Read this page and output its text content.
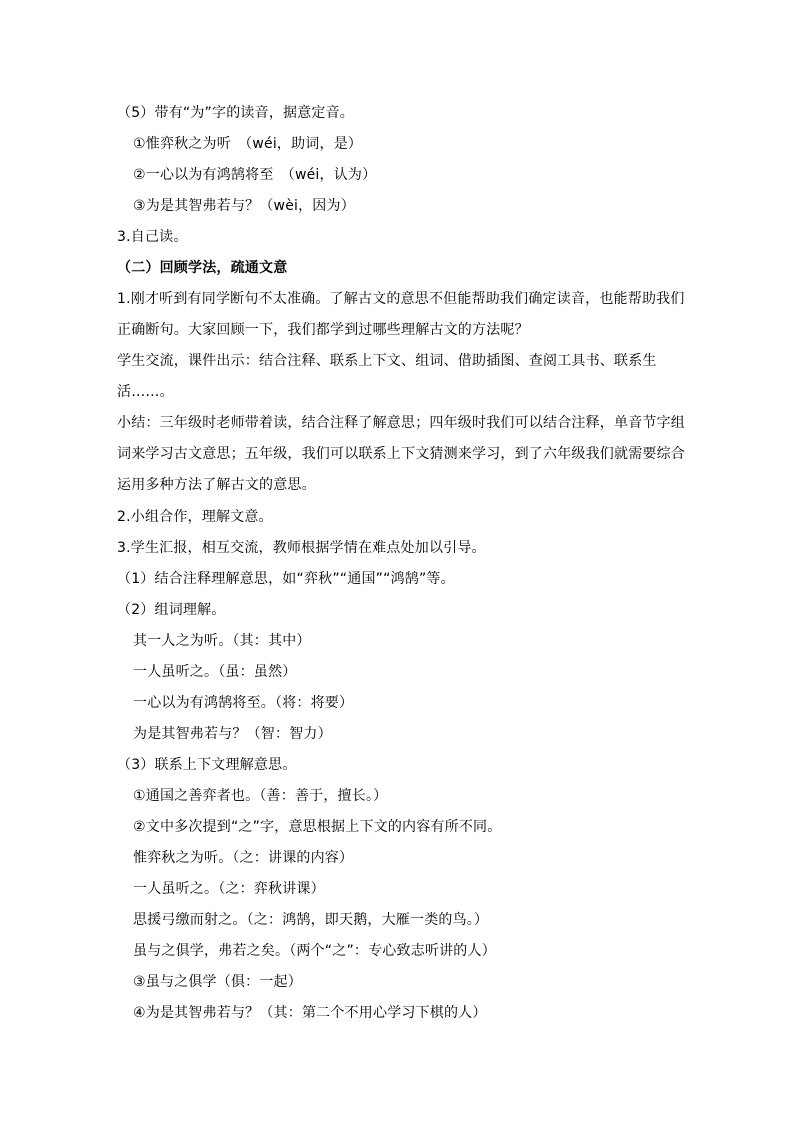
（5）带有“为”字的读音，据意定音。
①惟弈秋之为听　（wéi，助词，是）
②一心以为有鸿鹄将至　（wéi，认为）
③为是其智弗若与？（wèi，因为）
3.自己读。
（二）回顾学法，疏通文意
1.刚才听到有同学断句不太准确。了解古文的意思不但能帮助我们确定读音，也能帮助我们
正确断句。大家回顾一下，我们都学到过哪些理解古文的方法呢？
学生交流，课件出示：结合注释、联系上下文、组词、借助插图、查阅工具书、联系生
活……。
小结：三年级时老师带着读，结合注释了解意思；四年级时我们可以结合注释，单音节字组
词来学习古文意思；五年级，我们可以联系上下文猜测来学习，到了六年级我们就需要综合
运用多种方法了解古文的意思。
2.小组合作，理解文意。
3.学生汇报，相互交流，教师根据学情在难点处加以引导。
（1）结合注释理解意思，如“弈秋”“通国”“鸿鹄”等。
（2）组词理解。
其一人之为听。（其：其中）
一人虽听之。（虽：虽然）
一心以为有鸿鹄将至。（将：将要）
为是其智弗若与？（智：智力）
（3）联系上下文理解意思。
①通国之善弈者也。（善：善于，擅长。）
②文中多次提到“之”字，意思根据上下文的内容有所不同。
惟弈秋之为听。（之：讲课的内容）
一人虽听之。（之：弈秋讲课）
思援弓缴而射之。（之：鸿鹄，即天鹅，大雁一类的鸟。）
虽与之俱学，弗若之矣。（两个“之”：专心致志听讲的人）
③虽与之俱学（俱：一起）
④为是其智弗若与？（其：第二个不用心学习下棋的人）
